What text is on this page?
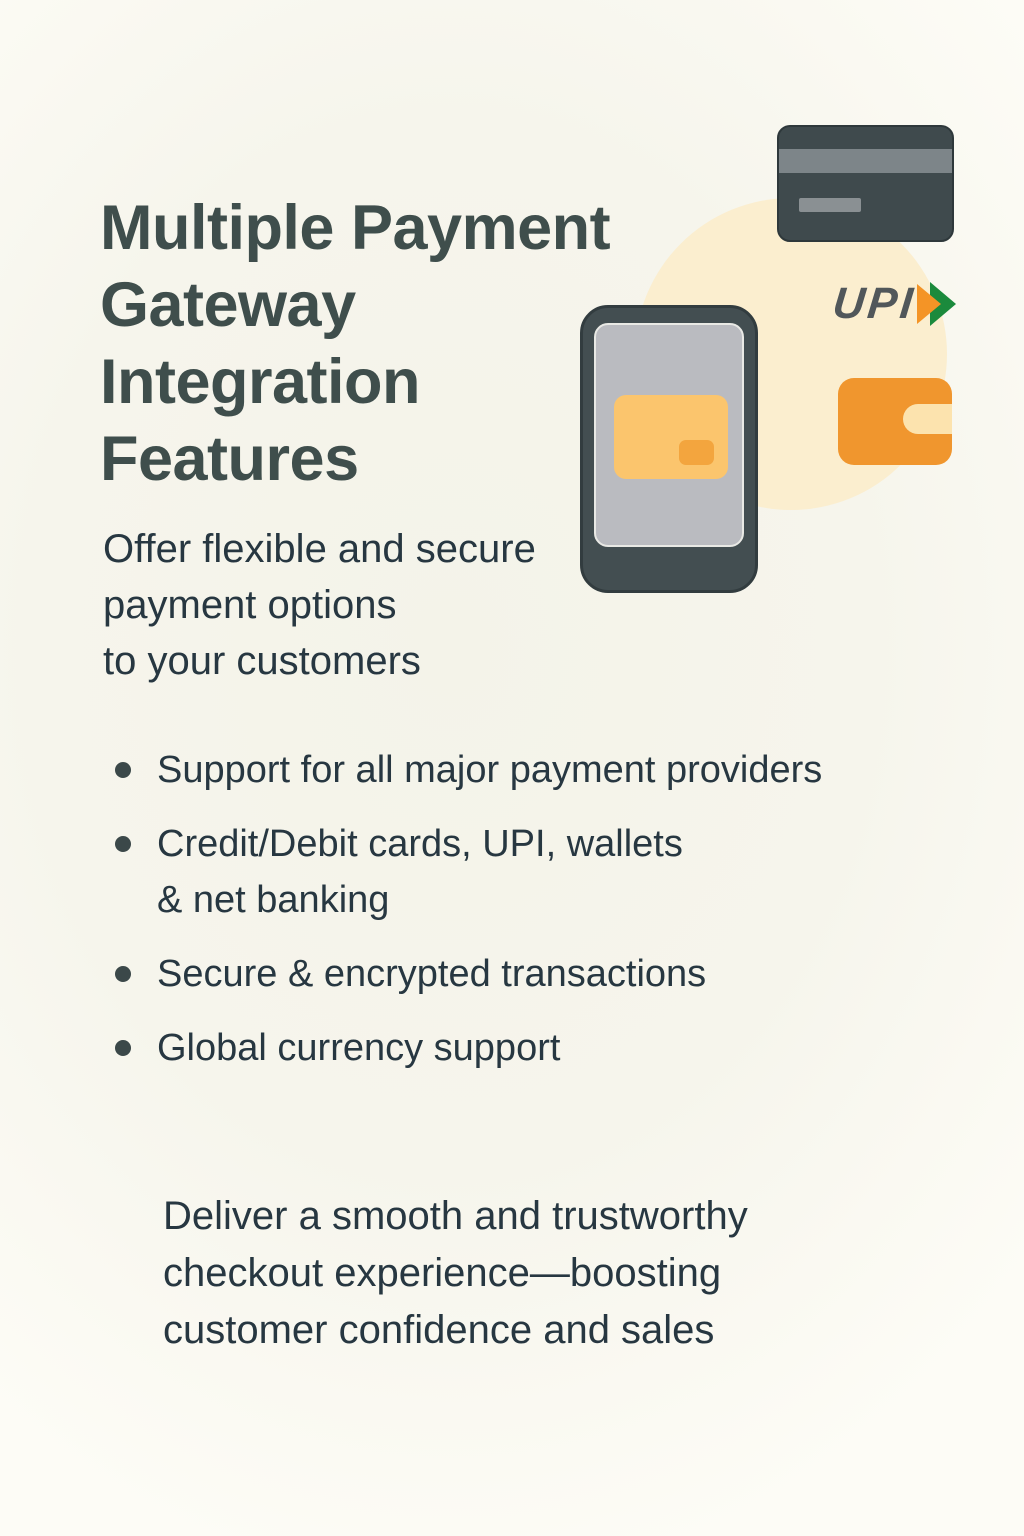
UPI
Multiple Payment
Gateway
Integration
Features
Offer flexible and secure
payment options
to your customers
Support for all major payment providers
Credit/Debit cards, UPI, wallets
& net banking
Secure & encrypted transactions
Global currency support
Deliver a smooth and trustworthy
checkout experience—boosting
customer confidence and sales
